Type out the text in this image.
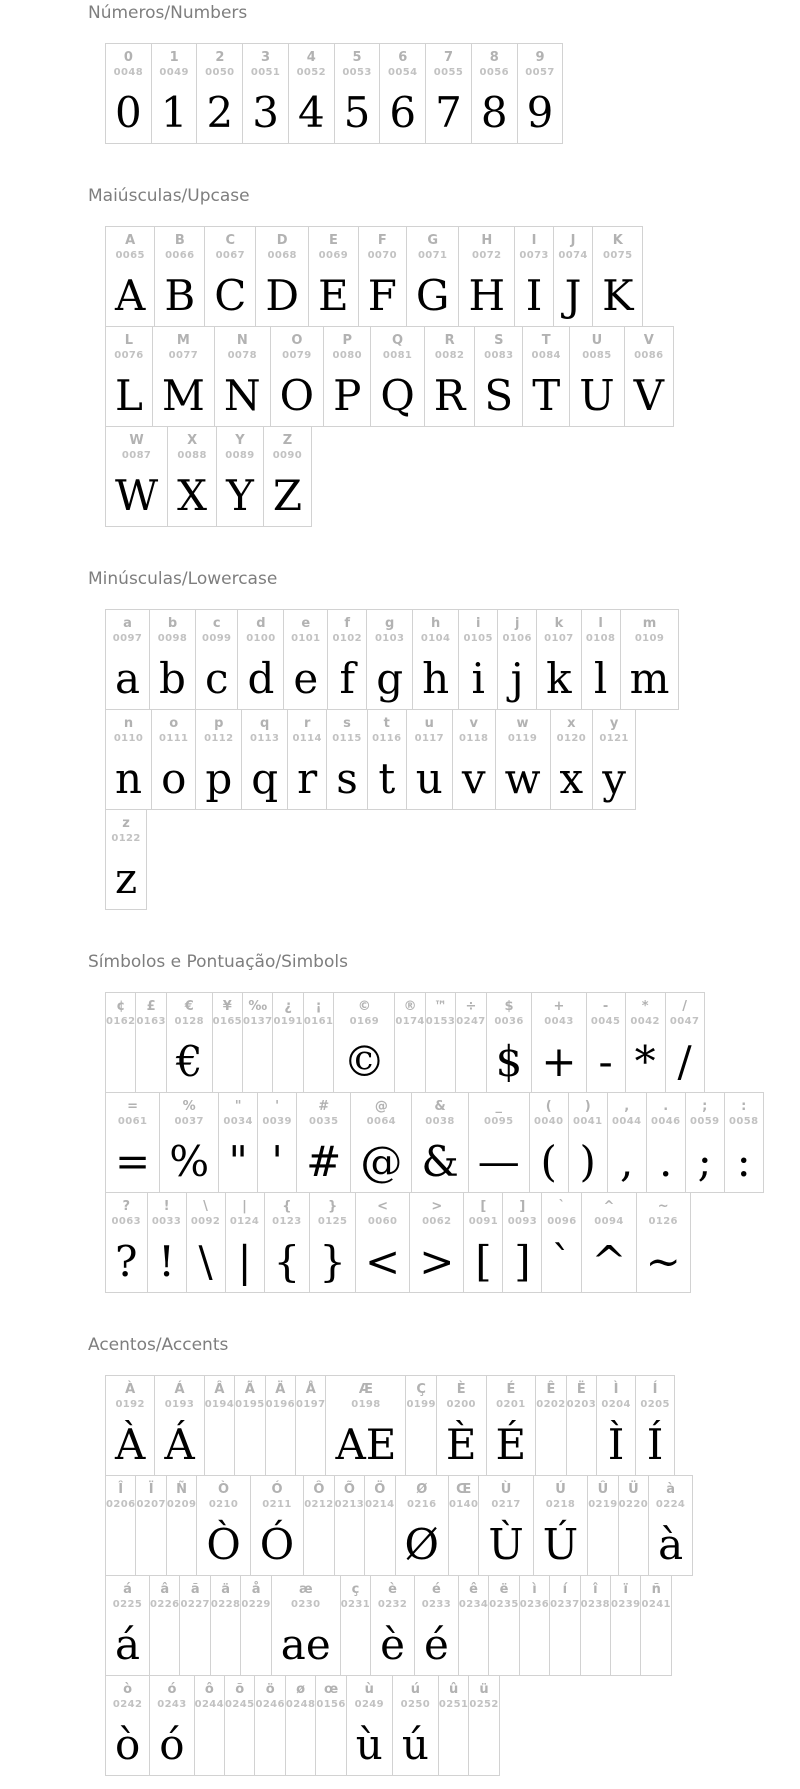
Números/Numbers
0
0048
0
1
0049
1
2
0050
2
3
0051
3
4
0052
4
5
0053
5
6
0054
6
7
0055
7
8
0056
8
9
0057
9
Maiúsculas/Upcase
A
0065
A
B
0066
B
C
0067
C
D
0068
D
E
0069
E
F
0070
F
G
0071
G
H
0072
H
I
0073
I
J
0074
J
K
0075
K
L
0076
L
M
0077
M
N
0078
N
O
0079
O
P
0080
P
Q
0081
Q
R
0082
R
S
0083
S
T
0084
T
U
0085
U
V
0086
V
W
0087
W
X
0088
X
Y
0089
Y
Z
0090
Z
Minúsculas/Lowercase
a
0097
a
b
0098
b
c
0099
c
d
0100
d
e
0101
e
f
0102
f
g
0103
g
h
0104
h
i
0105
i
j
0106
j
k
0107
k
l
0108
l
m
0109
m
n
0110
n
o
0111
o
p
0112
p
q
0113
q
r
0114
r
s
0115
s
t
0116
t
u
0117
u
v
0118
v
w
0119
w
x
0120
x
y
0121
y
z
0122
z
Símbolos e Pontuação/Simbols
¢
0162
£
0163
€
0128
€
¥
0165
‰
0137
¿
0191
¡
0161
©
0169
©
®
0174
™
0153
÷
0247
$
0036
$
+
0043
+
-
0045
-
*
0042
*
/
0047
/
=
0061
=
%
0037
%
"
0034
"
'
0039
'
#
0035
#
@
0064
@
&
0038
&
_
0095
—
(
0040
(
)
0041
)
,
0044
,
.
0046
.
;
0059
;
:
0058
:
?
0063
?
!
0033
!
\
0092
\
|
0124
|
{
0123
{
}
0125
}
<
0060
<
>
0062
>
[
0091
[
]
0093
]
`
0096
`
^
0094
^
~
0126
~
Acentos/Accents
À
0192
À
Á
0193
Á
Â
0194
Ã
0195
Ä
0196
Å
0197
Æ
0198
AE
Ç
0199
È
0200
È
É
0201
É
Ê
0202
Ë
0203
Ì
0204
Ì
Í
0205
Í
Î
0206
Ï
0207
Ñ
0209
Ò
0210
Ò
Ó
0211
Ó
Ô
0212
Õ
0213
Ö
0214
Ø
0216
Ø
Œ
0140
Ù
0217
Ù
Ú
0218
Ú
Û
0219
Ü
0220
à
0224
à
á
0225
á
â
0226
ã
0227
ä
0228
å
0229
æ
0230
ae
ç
0231
è
0232
è
é
0233
é
ê
0234
ë
0235
ì
0236
í
0237
î
0238
ï
0239
ñ
0241
ò
0242
ò
ó
0243
ó
ô
0244
õ
0245
ö
0246
ø
0248
œ
0156
ù
0249
ù
ú
0250
ú
û
0251
ü
0252
